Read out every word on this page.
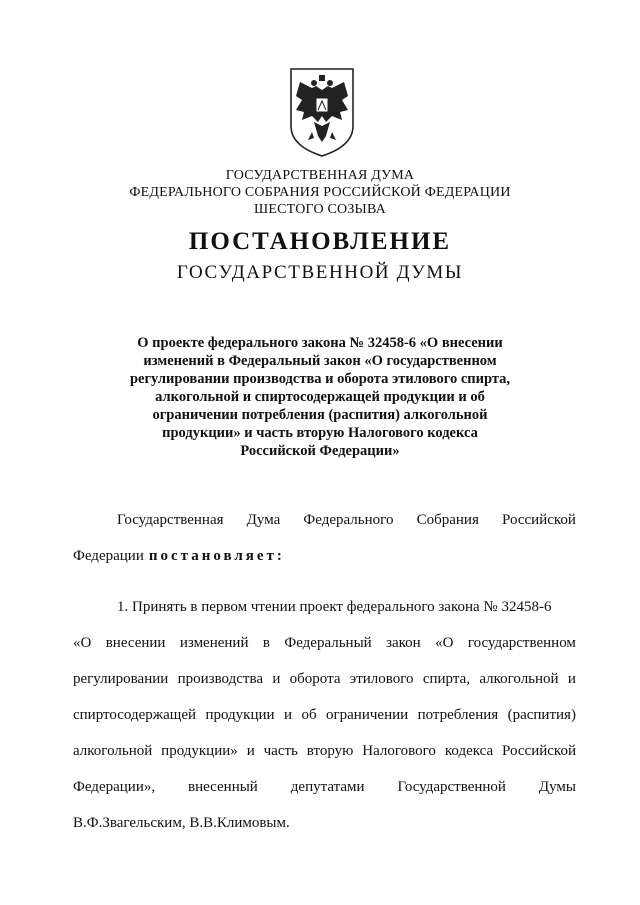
ГОСУДАРСТВЕННАЯ ДУМА
ФЕДЕРАЛЬНОГО СОБРАНИЯ РОССИЙСКОЙ ФЕДЕРАЦИИ
ШЕСТОГО СОЗЫВА
ПОСТАНОВЛЕНИЕ
ГОСУДАРСТВЕННОЙ ДУМЫ
О проекте федерального закона № 32458-6 «О внесении
изменений в Федеральный закон «О государственном
регулировании производства и оборота этилового спирта,
алкогольной и спиртосодержащей продукции и об
ограничении потребления (распития) алкогольной
продукции» и часть вторую Налогового кодекса
Российской Федерации»
Государственная Дума Федерального Собрания Российской
Федерации постановляет:
1. Принять в первом чтении проект федерального закона № 32458-6
«О внесении изменений в Федеральный закон «О государственном
регулировании производства и оборота этилового спирта, алкогольной и
спиртосодержащей продукции и об ограничении потребления (распития)
алкогольной продукции» и часть вторую Налогового кодекса Российской
Федерации», внесенный депутатами Государственной Думы
В.Ф.Звагельским, В.В.Климовым.
